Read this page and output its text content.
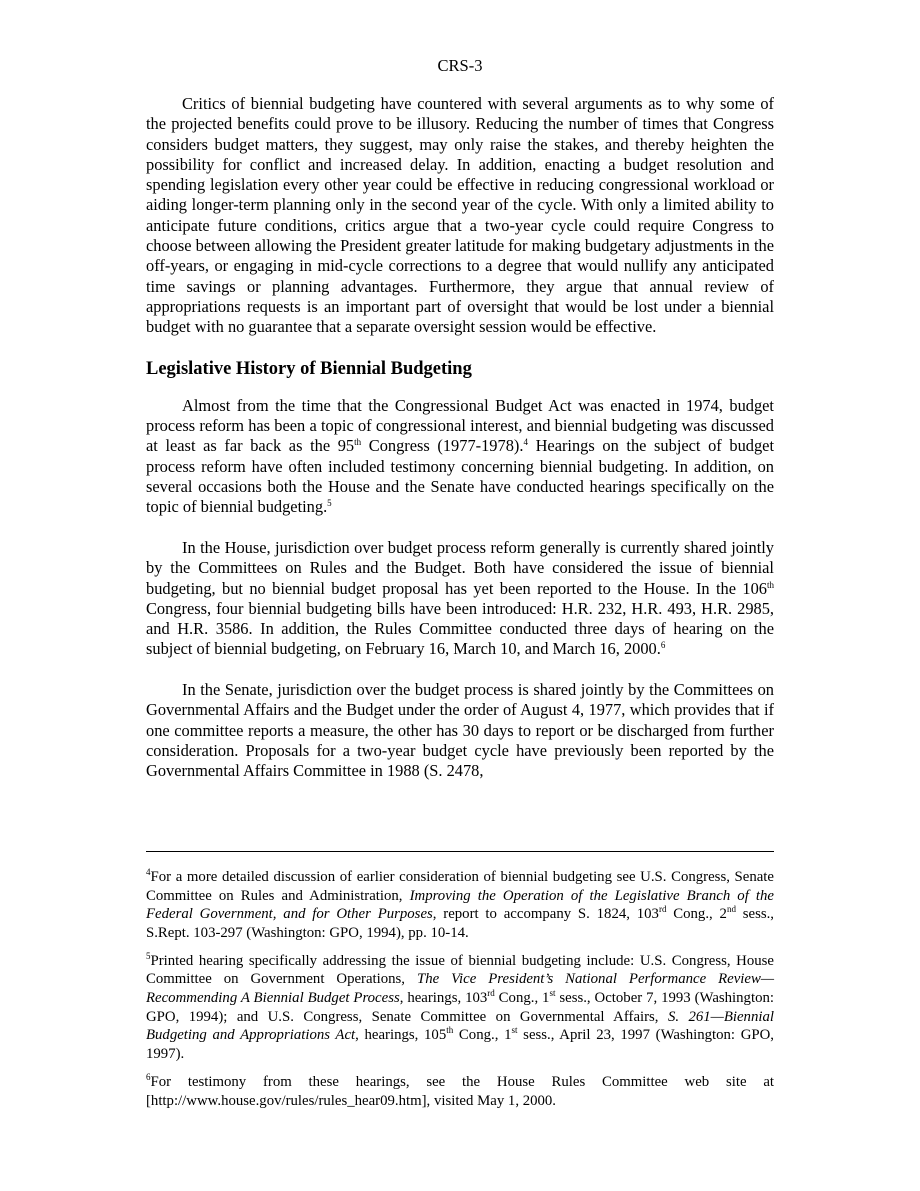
CRS-3

Critics of biennial budgeting have countered with several arguments as to why some of the projected benefits could prove to be illusory. Reducing the number of times that Congress considers budget matters, they suggest, may only raise the stakes, and thereby heighten the possibility for conflict and increased delay. In addition, enacting a budget resolution and spending legislation every other year could be effective in reducing congressional workload or aiding longer-term planning only in the second year of the cycle. With only a limited ability to anticipate future conditions, critics argue that a two-year cycle could require Congress to choose between allowing the President greater latitude for making budgetary adjustments in the off-years, or engaging in mid-cycle corrections to a degree that would nullify any anticipated time savings or planning advantages. Furthermore, they argue that annual review of appropriations requests is an important part of oversight that would be lost under a biennial budget with no guarantee that a separate oversight session would be effective.

Legislative History of Biennial Budgeting

Almost from the time that the Congressional Budget Act was enacted in 1974, budget process reform has been a topic of congressional interest, and biennial budgeting was discussed at least as far back as the 95th Congress (1977-1978).$^4$ Hearings on the subject of budget process reform have often included testimony concerning biennial budgeting. In addition, on several occasions both the House and the Senate have conducted hearings specifically on the topic of biennial budgeting.$^5$

In the House, jurisdiction over budget process reform generally is currently shared jointly by the Committees on Rules and the Budget. Both have considered the issue of biennial budgeting, but no biennial budget proposal has yet been reported to the House. In the 106th Congress, four biennial budgeting bills have been introduced: H.R. 232, H.R. 493, H.R. 2985, and H.R. 3586. In addition, the Rules Committee conducted three days of hearing on the subject of biennial budgeting, on February 16, March 10, and March 16, 2000.$^6$

In the Senate, jurisdiction over the budget process is shared jointly by the Committees on Governmental Affairs and the Budget under the order of August 4, 1977, which provides that if one committee reports a measure, the other has 30 days to report or be discharged from further consideration. Proposals for a two-year budget cycle have previously been reported by the Governmental Affairs Committee in 1988 (S. 2478,

$^4$For a more detailed discussion of earlier consideration of biennial budgeting see U.S. Congress, Senate Committee on Rules and Administration, Improving the Operation of the Legislative Branch of the Federal Government, and for Other Purposes, report to accompany S. 1824, 103rd Cong., 2nd sess., S.Rept. 103-297 (Washington: GPO, 1994), pp. 10-14.

$^5$Printed hearing specifically addressing the issue of biennial budgeting include: U.S. Congress, House Committee on Government Operations, The Vice President’s National Performance Review—Recommending A Biennial Budget Process, hearings, 103rd Cong., 1st sess., October 7, 1993 (Washington: GPO, 1994); and U.S. Congress, Senate Committee on Governmental Affairs, S. 261—Biennial Budgeting and Appropriations Act, hearings, 105th Cong., 1st sess., April 23, 1997 (Washington: GPO, 1997).

$^6$For testimony from these hearings, see the House Rules Committee web site at [http://www.house.gov/rules/rules_hear09.htm], visited May 1, 2000.
